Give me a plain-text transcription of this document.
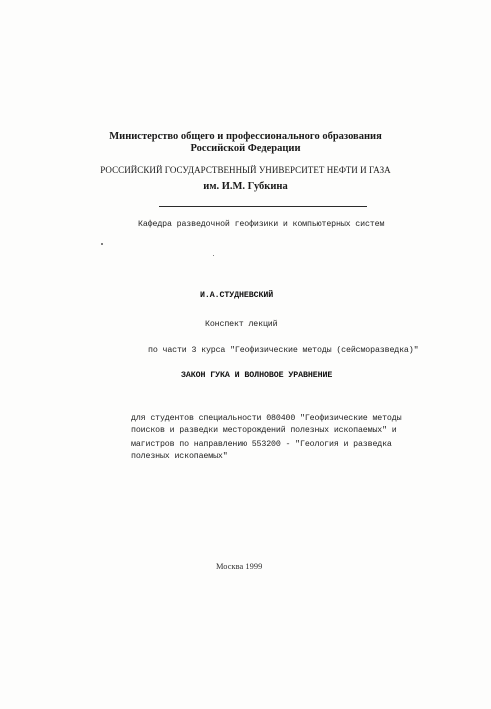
Министерство общего и профессионального образования
Российской Федерации
РОССИЙСКИЙ ГОСУДАРСТВЕННЫЙ УНИВЕРСИТЕТ НЕФТИ И ГАЗА
им. И.М. Губкина
Кафедра разведочной геофизики и компьютерных систем
И.А.СТУДНЕВСКИЙ
Конспект лекций
по части 3 курса "Геофизические методы (сейсморазведка)"
ЗАКОН ГУКА И ВОЛНОВОЕ УРАВНЕНИЕ
для студентов специальности 080400 "Геофизические методы
поисков и разведки месторождений полезных ископаемых" и
магистров по направлению 553200 - "Геология и разведка
полезных ископаемых"
Москва 1999
